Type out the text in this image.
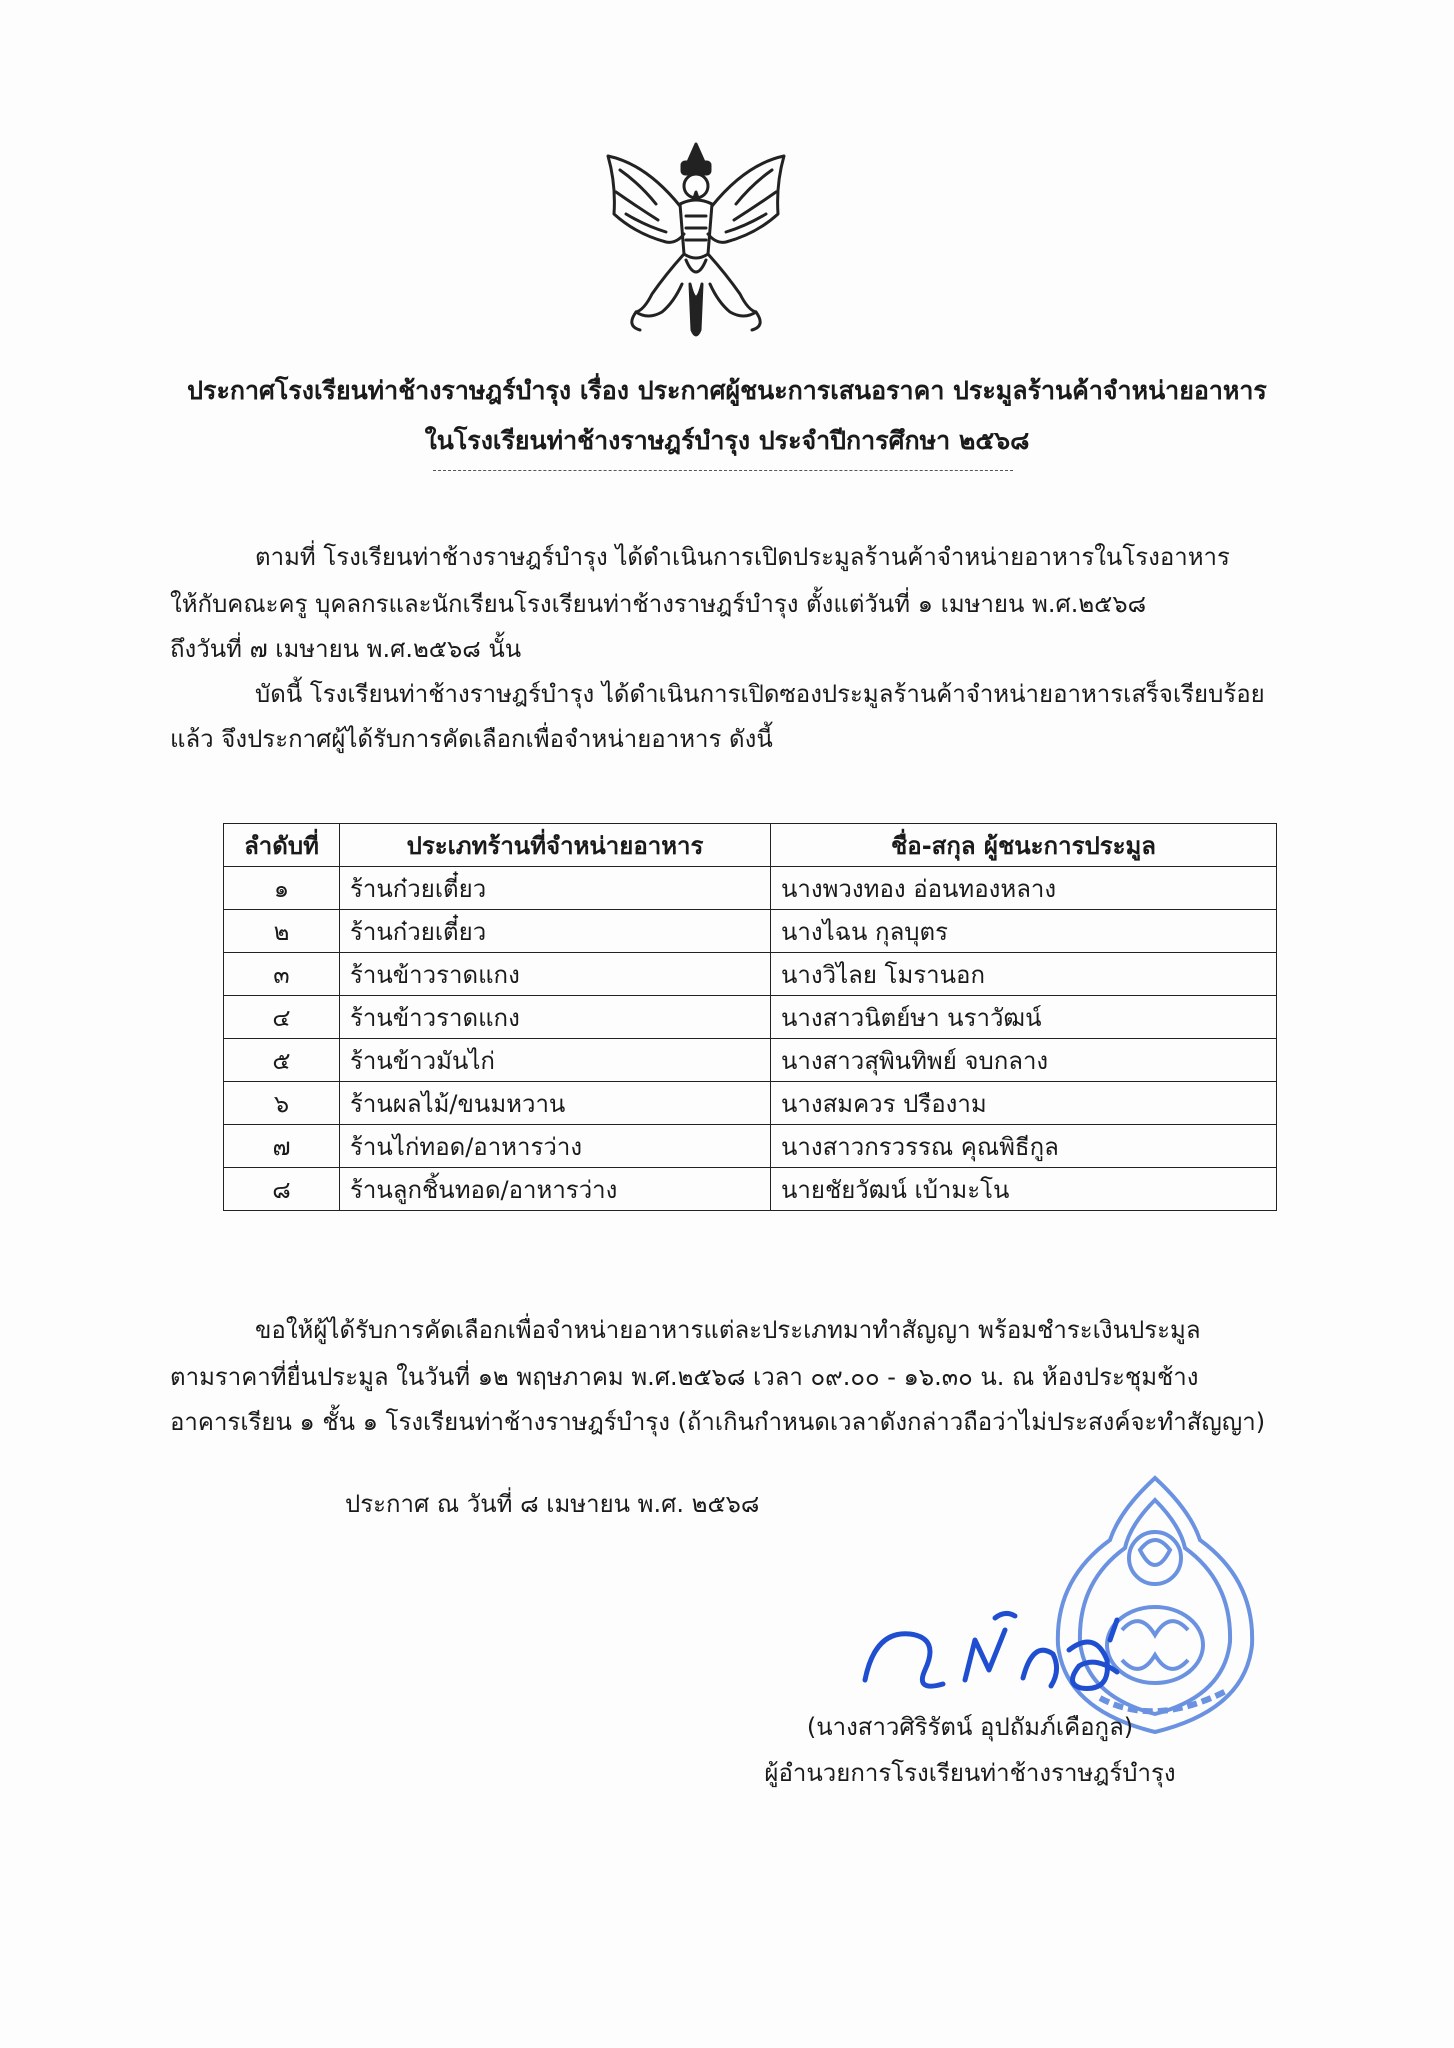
ประกาศโรงเรียนท่าช้างราษฎร์บำรุง เรื่อง ประกาศผู้ชนะการเสนอราคา ประมูลร้านค้าจำหน่ายอาหาร
ในโรงเรียนท่าช้างราษฎร์บำรุง ประจำปีการศึกษา ๒๕๖๘
ตามที่ โรงเรียนท่าช้างราษฎร์บำรุง ได้ดำเนินการเปิดประมูลร้านค้าจำหน่ายอาหารในโรงอาหาร
ให้กับคณะครู บุคลกรและนักเรียนโรงเรียนท่าช้างราษฎร์บำรุง ตั้งแต่วันที่ ๑ เมษายน พ.ศ.๒๕๖๘
ถึงวันที่ ๗ เมษายน พ.ศ.๒๕๖๘ นั้น
บัดนี้ โรงเรียนท่าช้างราษฎร์บำรุง ได้ดำเนินการเปิดซองประมูลร้านค้าจำหน่ายอาหารเสร็จเรียบร้อย
แล้ว จึงประกาศผู้ได้รับการคัดเลือกเพื่อจำหน่ายอาหาร ดังนี้
ลำดับที่	ประเภทร้านที่จำหน่ายอาหาร	ชื่อ-สกุล ผู้ชนะการประมูล
๑	ร้านก๋วยเตี๋ยว	นางพวงทอง อ่อนทองหลาง
๒	ร้านก๋วยเตี๋ยว	นางไฉน กุลบุตร
๓	ร้านข้าวราดแกง	นางวิไลย โมรานอก
๔	ร้านข้าวราดแกง	นางสาวนิตย์ษา นราวัฒน์
๕	ร้านข้าวมันไก่	นางสาวสุพินทิพย์ จบกลาง
๖	ร้านผลไม้/ขนมหวาน	นางสมควร ปรืองาม
๗	ร้านไก่ทอด/อาหารว่าง	นางสาวกรวรรณ คุณพิธีกูล
๘	ร้านลูกชิ้นทอด/อาหารว่าง	นายชัยวัฒน์ เบ้ามะโน
ขอให้ผู้ได้รับการคัดเลือกเพื่อจำหน่ายอาหารแต่ละประเภทมาทำสัญญา พร้อมชำระเงินประมูล
ตามราคาที่ยื่นประมูล ในวันที่ ๑๒ พฤษภาคม พ.ศ.๒๕๖๘ เวลา ๐๙.๐๐ - ๑๖.๓๐ น. ณ ห้องประชุมช้าง
อาคารเรียน ๑ ชั้น ๑ โรงเรียนท่าช้างราษฎร์บำรุง (ถ้าเกินกำหนดเวลาดังกล่าวถือว่าไม่ประสงค์จะทำสัญญา)
ประกาศ ณ วันที่ ๘ เมษายน พ.ศ. ๒๕๖๘
(นางสาวศิริรัตน์ อุปถัมภ์เคือกูล)
ผู้อำนวยการโรงเรียนท่าช้างราษฎร์บำรุง
